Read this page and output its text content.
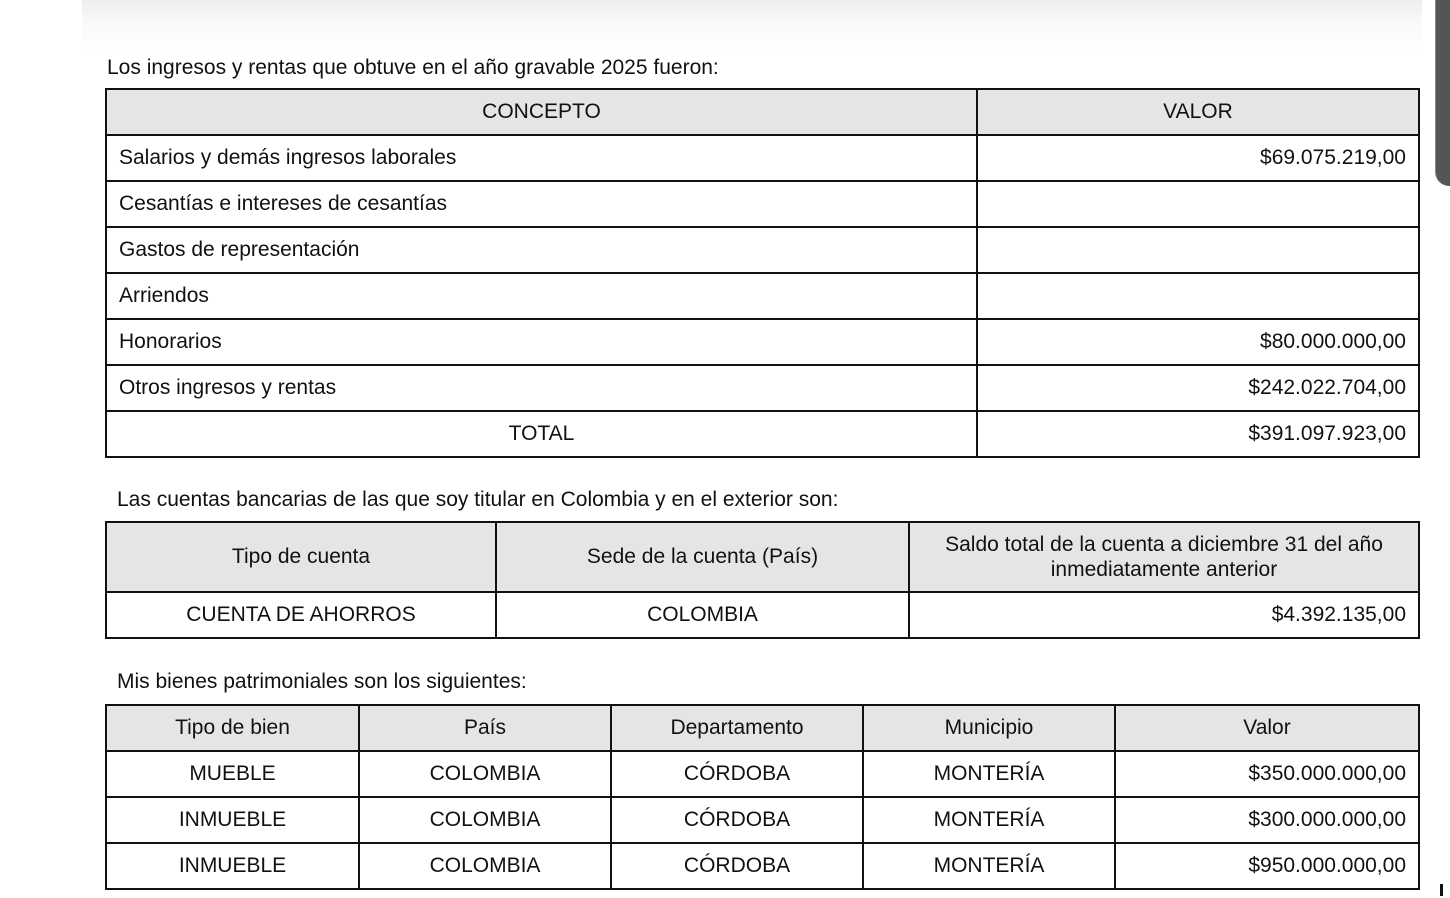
Los ingresos y rentas que obtuve en el año gravable 2025 fueron:
CONCEPTO	VALOR
Salarios y demás ingresos laborales	$69.075.219,00
Cesantías e intereses de cesantías	
Gastos de representación	
Arriendos	
Honorarios	$80.000.000,00
Otros ingresos y rentas	$242.022.704,00
TOTAL	$391.097.923,00
Las cuentas bancarias de las que soy titular en Colombia y en el exterior son:
Tipo de cuenta	Sede de la cuenta (País)	Saldo total de la cuenta a diciembre 31 del año inmediatamente anterior
CUENTA DE AHORROS	COLOMBIA	$4.392.135,00
Mis bienes patrimoniales son los siguientes:
Tipo de bien	País	Departamento	Municipio	Valor
MUEBLE	COLOMBIA	CÓRDOBA	MONTERÍA	$350.000.000,00
INMUEBLE	COLOMBIA	CÓRDOBA	MONTERÍA	$300.000.000,00
INMUEBLE	COLOMBIA	CÓRDOBA	MONTERÍA	$950.000.000,00
